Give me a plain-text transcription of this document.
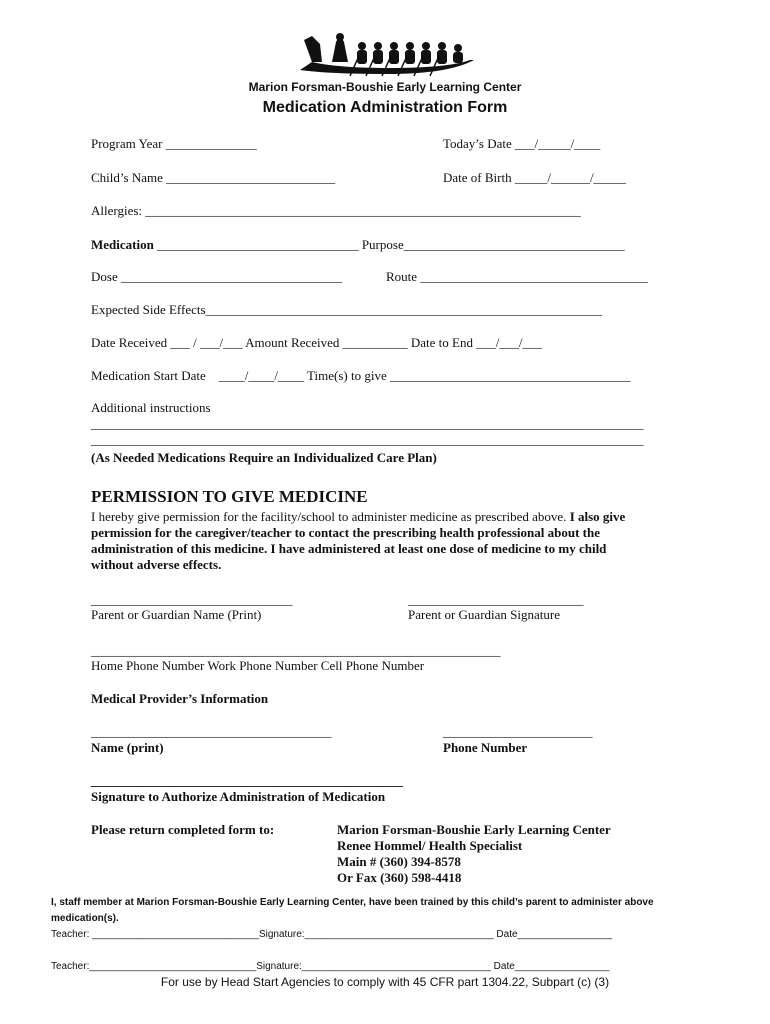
Marion Forsman-Boushie Early Learning Center
Medication Administration Form
Program Year ______________	Today’s Date ___/_____/____
Child’s Name __________________________	Date of Birth _____/______/_____
Allergies: ___________________________________________________________________
Medication _______________________________ Purpose__________________________________
Dose __________________________________	Route ___________________________________
Expected Side Effects_____________________________________________________________
Date Received ___ / ___/___ Amount Received __________ Date to End ___/___/___
Medication Start Date    ____/____/____ Time(s) to give _____________________________________
Additional instructions
_____________________________________________________________________________________
_____________________________________________________________________________________
(As Needed Medications Require an Individualized Care Plan)
PERMISSION TO GIVE MEDICINE
I hereby give permission for the facility/school to administer medicine as prescribed above. I also give
permission for the caregiver/teacher to contact the prescribing health professional about the
administration of this medicine. I have administered at least one dose of medicine to my child
without adverse effects.
_______________________________
Parent or Guardian Name (Print)
___________________________
Parent or Guardian Signature
_______________________________________________________________
Home Phone Number Work Phone Number Cell Phone Number
Medical Provider’s Information
_____________________________________
Name (print)
_______________________
Phone Number
________________________________________________
Signature to Authorize Administration of Medication
Please return completed form to:	Marion Forsman-Boushie Early Learning Center
Renee Hommel/ Health Specialist
Main # (360) 394-8578
Or Fax (360) 598-4418
I, staff member at Marion Forsman-Boushie Early Learning Center, have been trained by this child’s parent to administer above
medication(s).
Teacher: ______________________________Signature:__________________________________ Date_________________
Teacher:______________________________Signature:__________________________________ Date_________________
For use by Head Start Agencies to comply with 45 CFR part 1304.22, Subpart (c) (3)
